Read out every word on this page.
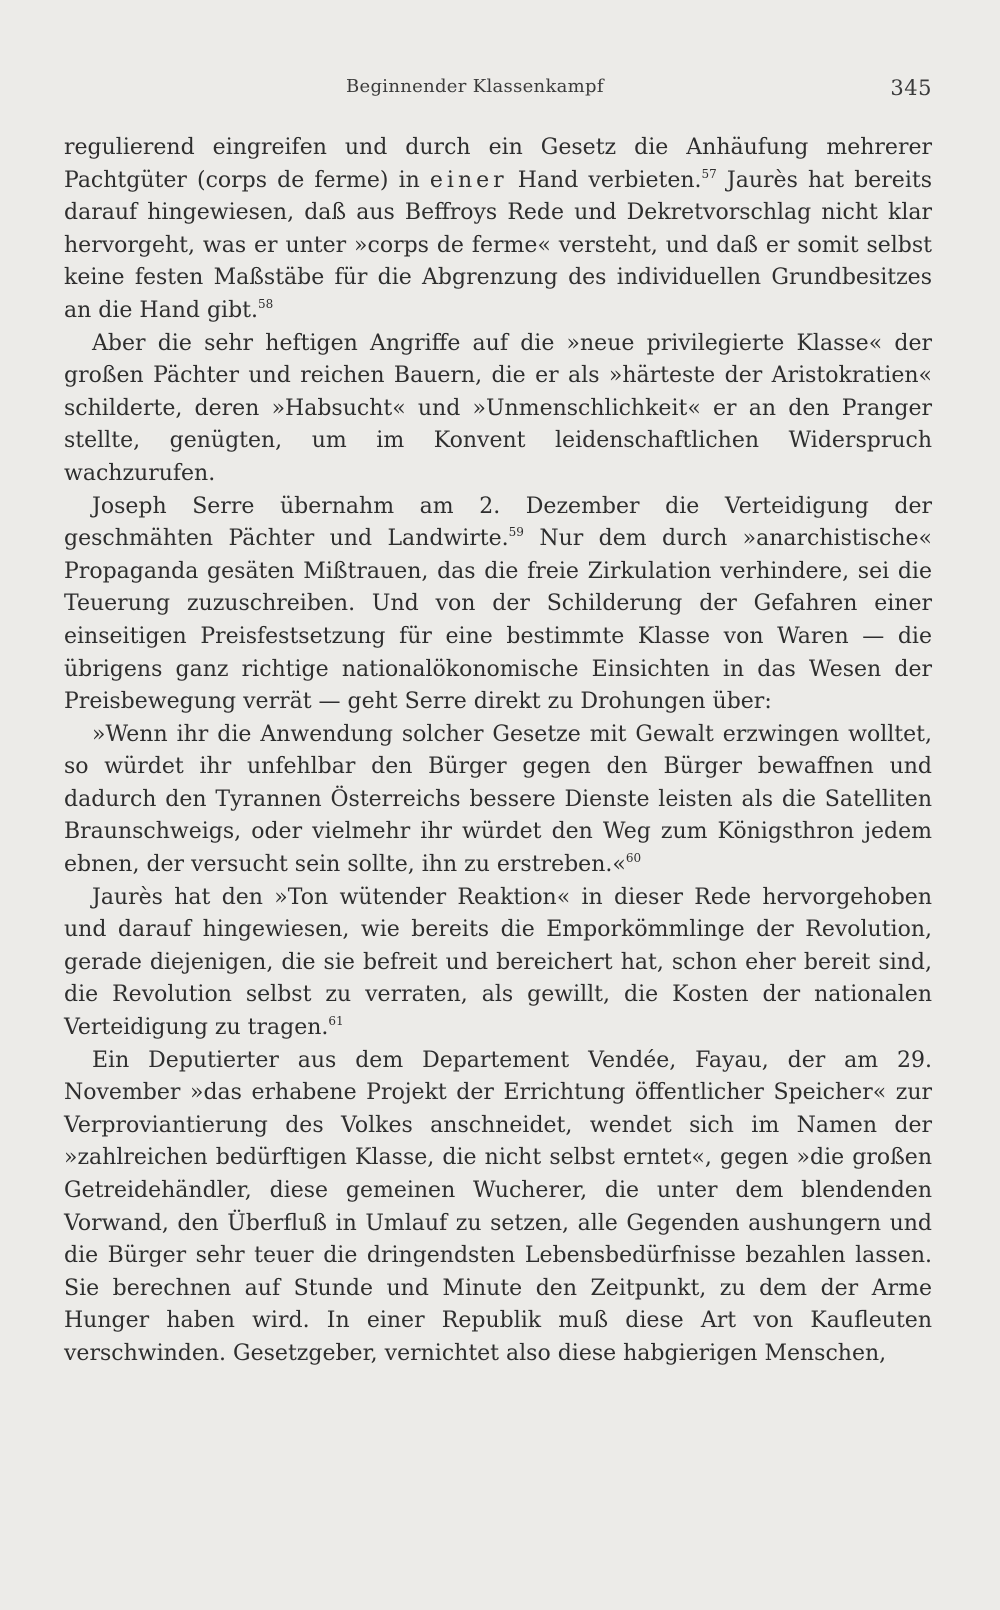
Beginnender Klassenkampf	345

regulierend eingreifen und durch ein Gesetz die Anhäufung mehrerer Pachtgüter (corps de ferme) in einer Hand verbieten.$^{57}$ Jaurès hat bereits darauf hingewiesen, daß aus Beffroys Rede und Dekretvorschlag nicht klar hervorgeht, was er unter »corps de ferme« versteht, und daß er somit selbst keine festen Maßstäbe für die Abgrenzung des individuellen Grundbesitzes an die Hand gibt.$^{58}$

Aber die sehr heftigen Angriffe auf die »neue privilegierte Klasse« der großen Pächter und reichen Bauern, die er als »härteste der Aristokratien« schilderte, deren »Habsucht« und »Unmenschlichkeit« er an den Pranger stellte, genügten, um im Konvent leidenschaftlichen Widerspruch wachzurufen.

Joseph Serre übernahm am 2. Dezember die Verteidigung der geschmähten Pächter und Landwirte.$^{59}$ Nur dem durch »anarchistische« Propaganda gesäten Mißtrauen, das die freie Zirkulation verhindere, sei die Teuerung zuzuschreiben. Und von der Schilderung der Gefahren einer einseitigen Preisfestsetzung für eine bestimmte Klasse von Waren — die übrigens ganz richtige nationalökonomische Einsichten in das Wesen der Preisbewegung verrät — geht Serre direkt zu Drohungen über:

»Wenn ihr die Anwendung solcher Gesetze mit Gewalt erzwingen wolltet, so würdet ihr unfehlbar den Bürger gegen den Bürger bewaffnen und dadurch den Tyrannen Österreichs bessere Dienste leisten als die Satelliten Braunschweigs, oder vielmehr ihr würdet den Weg zum Königsthron jedem ebnen, der versucht sein sollte, ihn zu erstreben.«$^{60}$

Jaurès hat den »Ton wütender Reaktion« in dieser Rede hervorgehoben und darauf hingewiesen, wie bereits die Emporkömmlinge der Revolution, gerade diejenigen, die sie befreit und bereichert hat, schon eher bereit sind, die Revolution selbst zu verraten, als gewillt, die Kosten der nationalen Verteidigung zu tragen.$^{61}$

Ein Deputierter aus dem Departement Vendée, Fayau, der am 29. November »das erhabene Projekt der Errichtung öffentlicher Speicher« zur Verproviantierung des Volkes anschneidet, wendet sich im Namen der »zahlreichen bedürftigen Klasse, die nicht selbst erntet«, gegen »die großen Getreidehändler, diese gemeinen Wucherer, die unter dem blendenden Vorwand, den Überfluß in Umlauf zu setzen, alle Gegenden aushungern und die Bürger sehr teuer die dringendsten Lebensbedürfnisse bezahlen lassen. Sie berechnen auf Stunde und Minute den Zeitpunkt, zu dem der Arme Hunger haben wird. In einer Republik muß diese Art von Kaufleuten verschwinden. Gesetzgeber, vernichtet also diese habgierigen Menschen,
